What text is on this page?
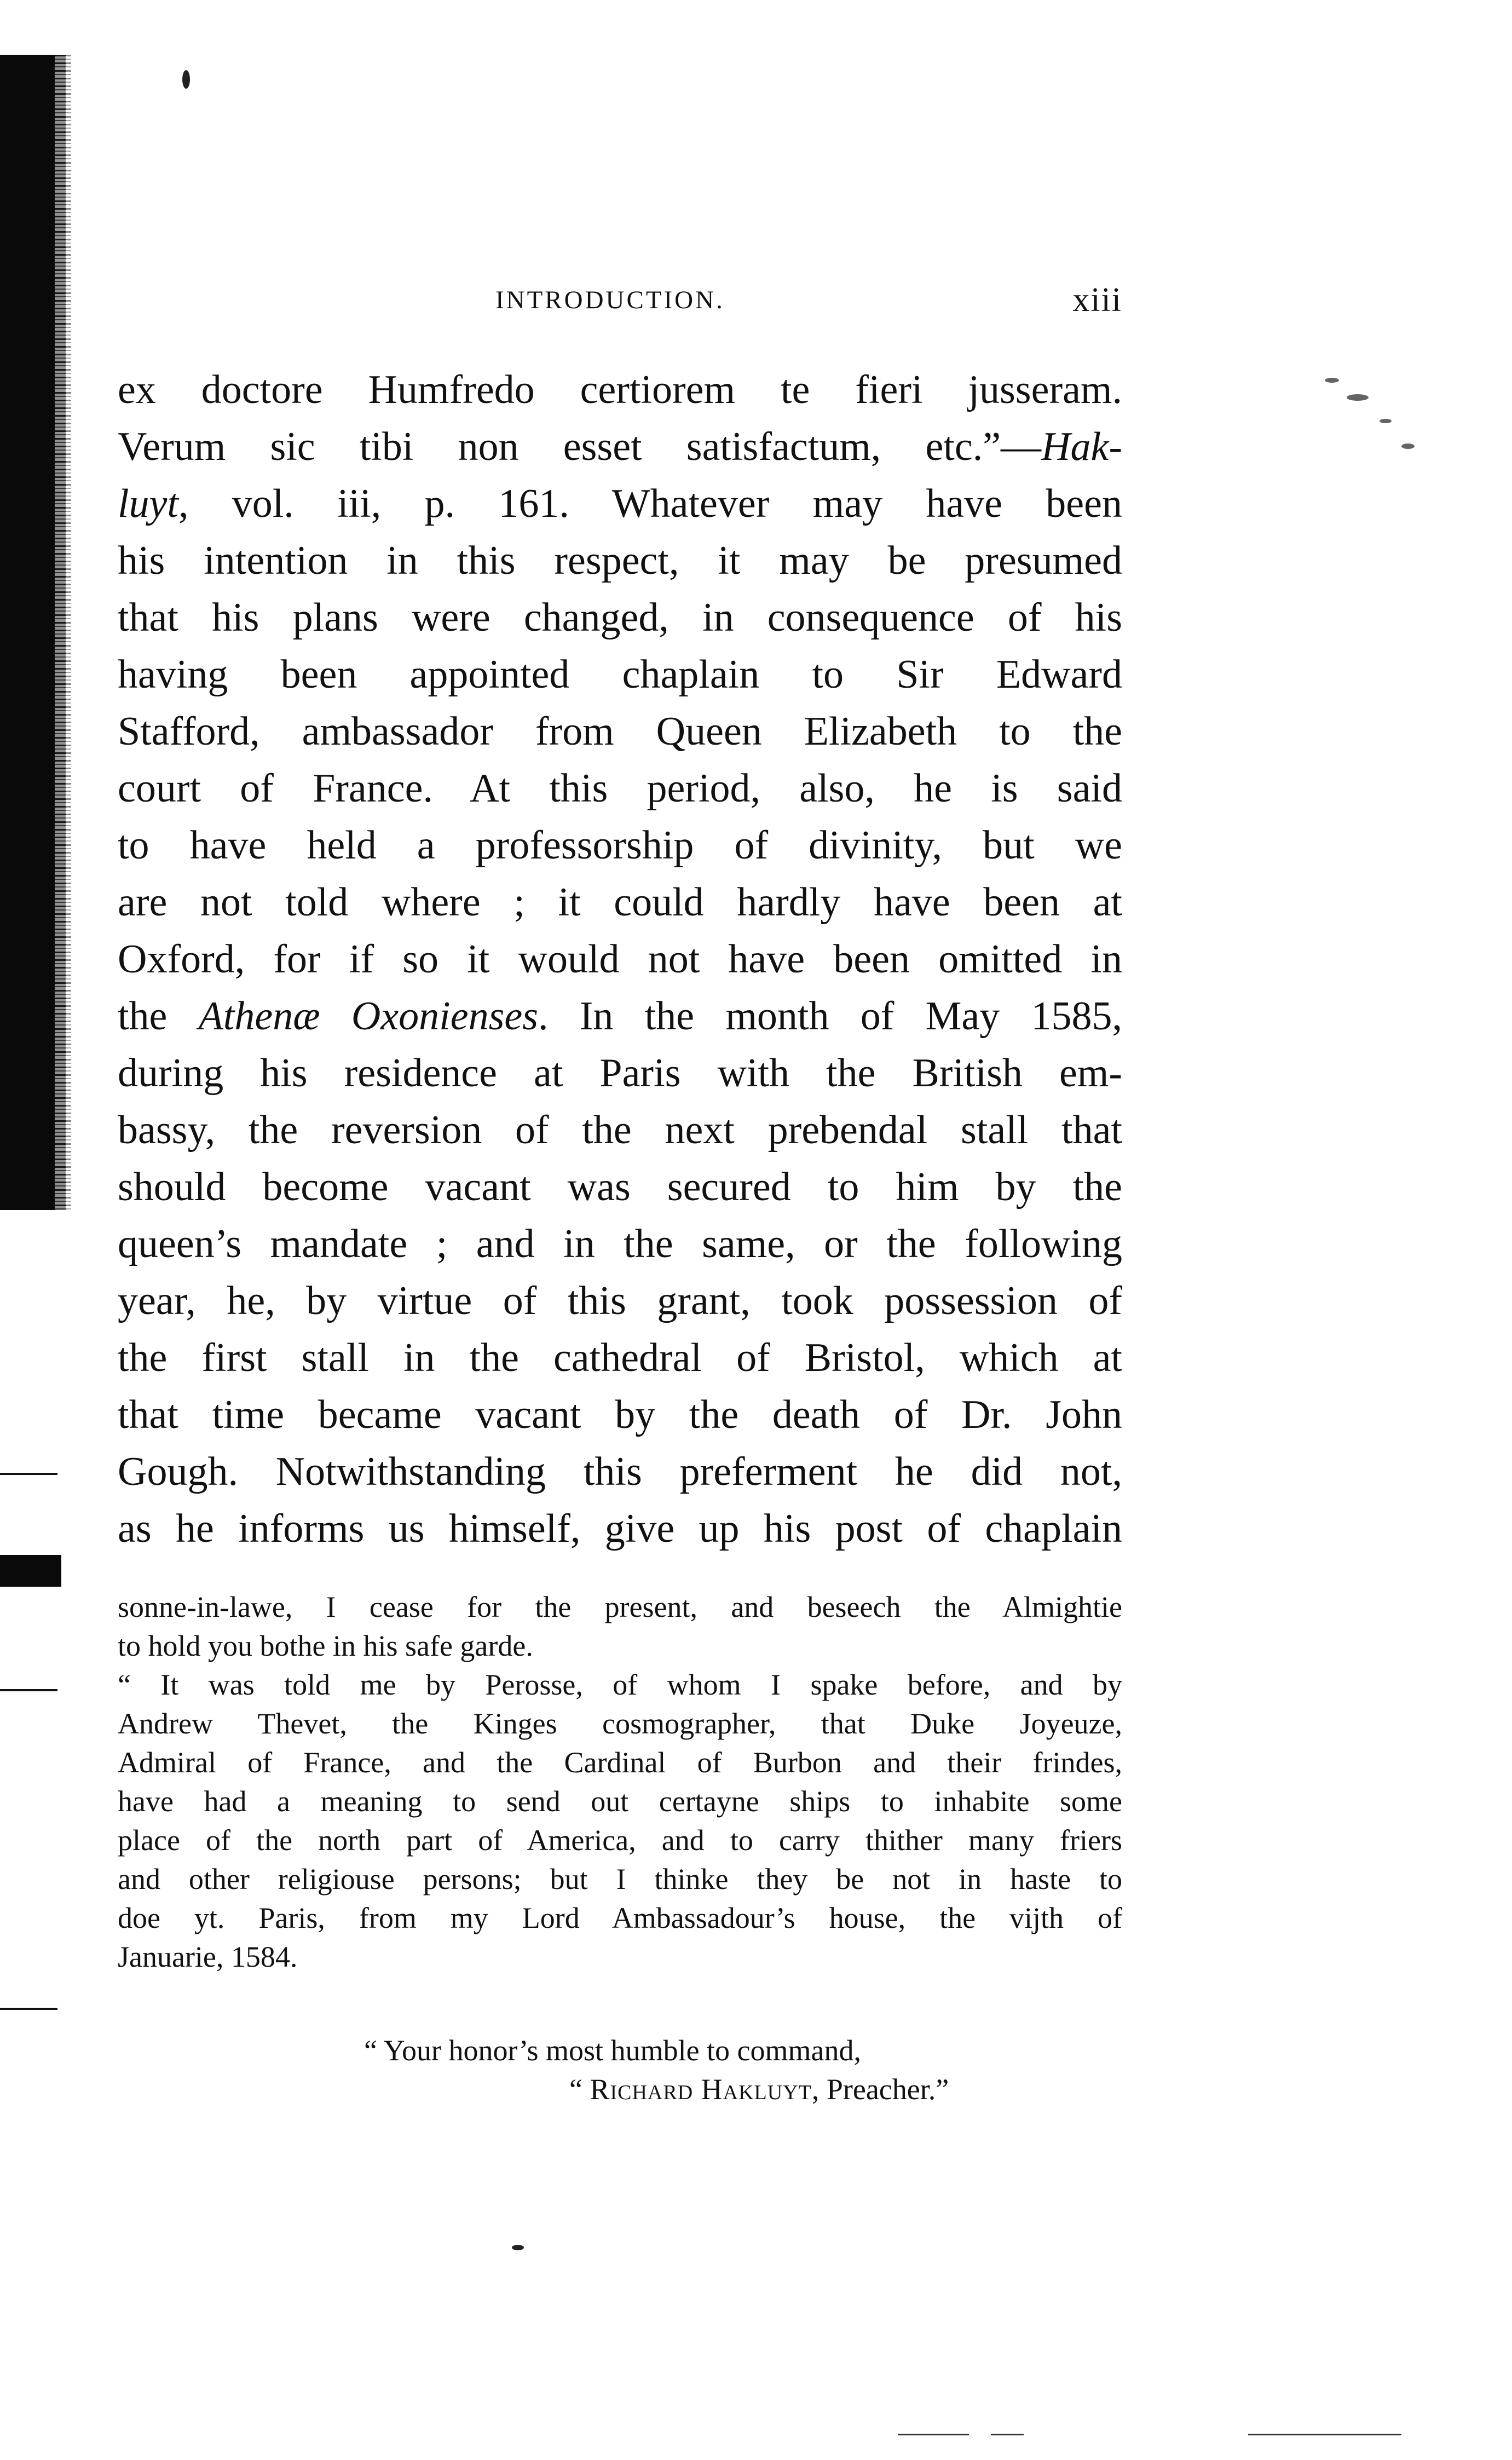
INTRODUCTION.	xiii
ex doctore Humfredo certiorem te fieri jusseram.
Verum sic tibi non esset satisfactum, etc.”—Hak-
luyt, vol. iii, p. 161. Whatever may have been
his intention in this respect, it may be presumed
that his plans were changed, in consequence of his
having been appointed chaplain to Sir Edward
Stafford, ambassador from Queen Elizabeth to the
court of France. At this period, also, he is said
to have held a professorship of divinity, but we
are not told where ; it could hardly have been at
Oxford, for if so it would not have been omitted in
the Athenæ Oxonienses. In the month of May 1585,
during his residence at Paris with the British em-
bassy, the reversion of the next prebendal stall that
should become vacant was secured to him by the
queen’s mandate ; and in the same, or the following
year, he, by virtue of this grant, took possession of
the first stall in the cathedral of Bristol, which at
that time became vacant by the death of Dr. John
Gough. Notwithstanding this preferment he did not,
as he informs us himself, give up his post of chaplain
sonne-in-lawe, I cease for the present, and beseech the Almightie
to hold you bothe in his safe garde.
“ It was told me by Perosse, of whom I spake before, and by
Andrew Thevet, the Kinges cosmographer, that Duke Joyeuze,
Admiral of France, and the Cardinal of Burbon and their frindes,
have had a meaning to send out certayne ships to inhabite some
place of the north part of America, and to carry thither many friers
and other religiouse persons; but I thinke they be not in haste to
doe yt. Paris, from my Lord Ambassadour’s house, the vijth of
Januarie, 1584.
“ Your honor’s most humble to command,
“ Richard Hakluyt, Preacher.”
